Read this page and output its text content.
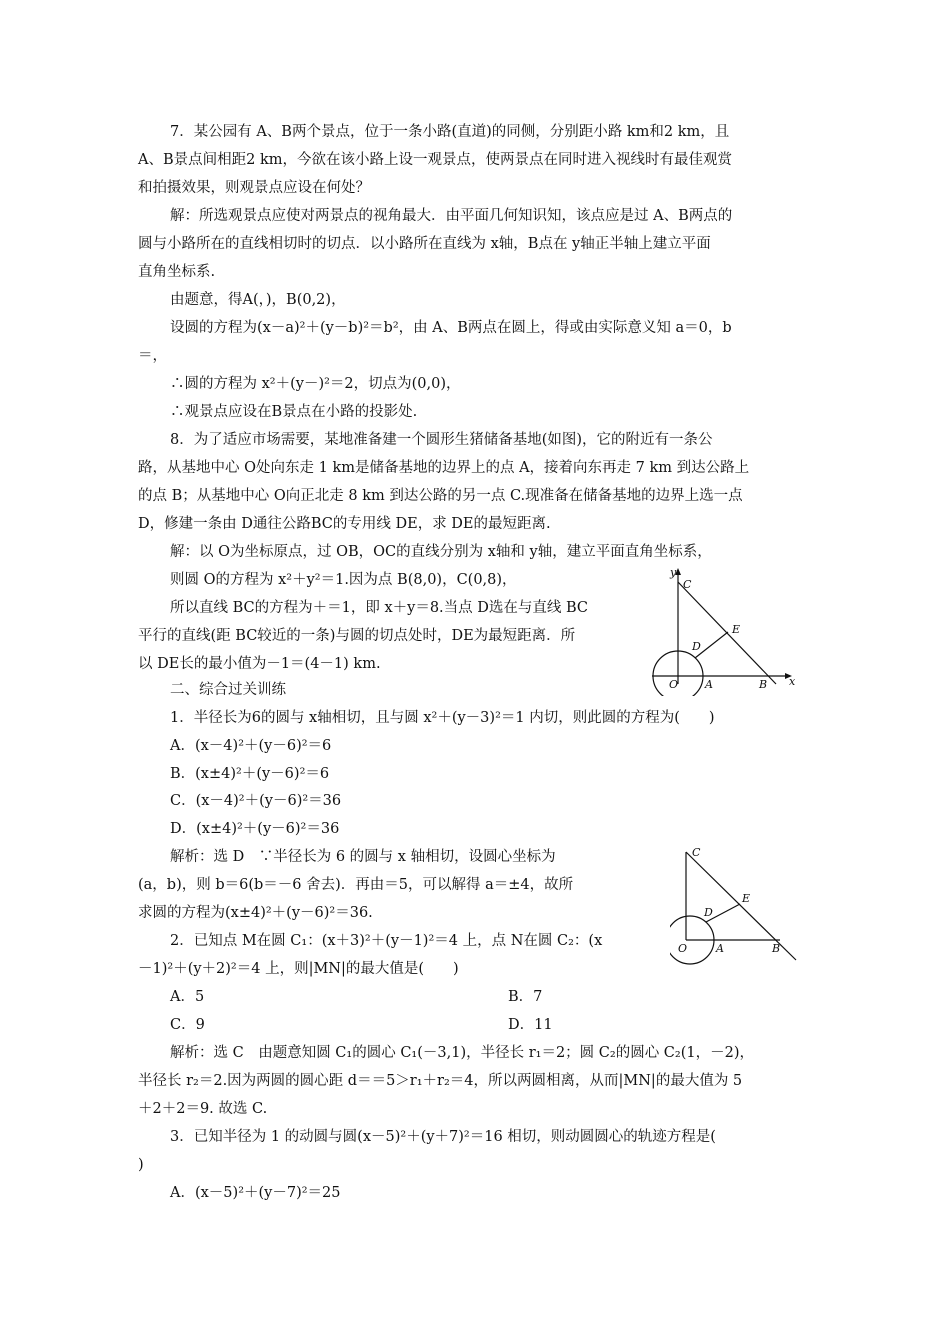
7．某公园有 A、B两个景点，位于一条小路(直道)的同侧，分别距小路 km和2 km，且
A、B景点间相距2 km，今欲在该小路上设一观景点，使两景点在同时进入视线时有最佳观赏
和拍摄效果，则观景点应设在何处？
解：所选观景点应使对两景点的视角最大．由平面几何知识知，该点应是过 A、B两点的
圆与小路所在的直线相切时的切点．以小路所在直线为 x轴，B点在 y轴正半轴上建立平面
直角坐标系.
由题意，得A(，)，B(0,2)，
设圆的方程为(x－a)²＋(y－b)²＝b²，由 A、B两点在圆上，得或由实际意义知 a＝0，b
＝，
∴圆的方程为 x²＋(y－)²＝2，切点为(0,0)，
∴观景点应设在B景点在小路的投影处.
8．为了适应市场需要，某地准备建一个圆形生猪储备基地(如图)，它的附近有一条公
路，从基地中心 O处向东走 1 km是储备基地的边界上的点 A，接着向东再走 7 km 到达公路上
的点 B；从基地中心 O向正北走 8 km 到达公路的另一点 C.现准备在储备基地的边界上选一点
D，修建一条由 D通往公路BC的专用线 DE，求 DE的最短距离.
解：以 O为坐标原点，过 OB，OC的直线分别为 x轴和 y轴，建立平面直角坐标系，
则圆 O的方程为 x²＋y²＝1.因为点 B(8,0)，C(0,8)，
所以直线 BC的方程为＋＝1，即 x＋y＝8.当点 D选在与直线 BC
平行的直线(距 BC较近的一条)与圆的切点处时，DE为最短距离．所
以 DE长的最小值为－1＝(4－1) km.
y
C
E
D
O A	B x
二、综合过关训练
1．半径长为6的圆与 x轴相切，且与圆 x²＋(y－3)²＝1 内切，则此圆的方程为(　　)
A．(x－4)²＋(y－6)²＝6
B．(x±4)²＋(y－6)²＝6
C．(x－4)²＋(y－6)²＝36
D．(x±4)²＋(y－6)²＝36
解析：选 D　∵半径长为 6 的圆与 x 轴相切，设圆心坐标为
(a，b)，则 b＝6(b＝－6 舍去)．再由＝5，可以解得 a＝±4，故所
求圆的方程为(x±4)²＋(y－6)²＝36.
C
E
D
O	A	B
2．已知点 M在圆 C₁：(x＋3)²＋(y－1)²＝4 上，点 N在圆 C₂：(x
－1)²＋(y＋2)²＝4 上，则|MN|的最大值是(　　)
A．5	B．7
C．9	D．11
解析：选 C　由题意知圆 C₁的圆心 C₁(－3,1)，半径长 r₁＝2；圆 C₂的圆心 C₂(1，－2)，
半径长 r₂＝2.因为两圆的圆心距 d＝＝5＞r₁＋r₂＝4，所以两圆相离，从而|MN|的最大值为 5
＋2＋2＝9. 故选 C.
3．已知半径为 1 的动圆与圆(x－5)²＋(y＋7)²＝16 相切，则动圆圆心的轨迹方程是(
)
A．(x－5)²＋(y－7)²＝25
